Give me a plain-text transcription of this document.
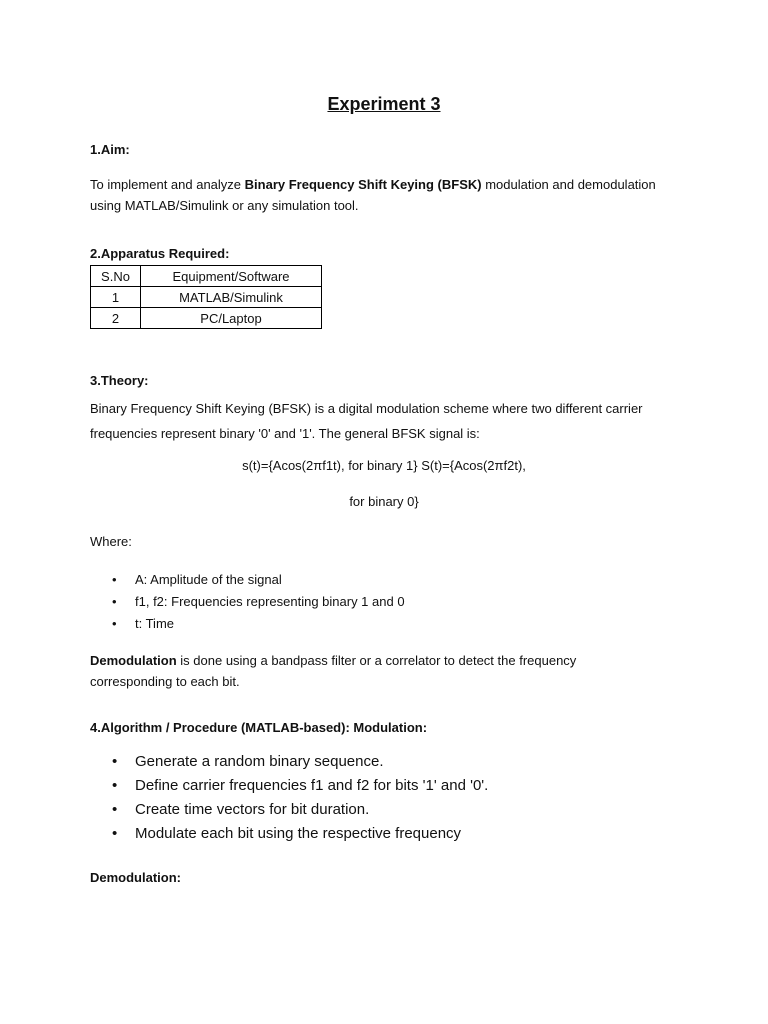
Experiment 3
1.Aim:
To implement and analyze Binary Frequency Shift Keying (BFSK) modulation and demodulation
using MATLAB/Simulink or any simulation tool.
2.Apparatus Required:
S.No	Equipment/Software
1	MATLAB/Simulink
2	PC/Laptop
3.Theory:
Binary Frequency Shift Keying (BFSK) is a digital modulation scheme where two different carrier
frequencies represent binary '0' and '1'. The general BFSK signal is:
s(t)={Acos(2πf1t), for binary 1} S(t)={Acos(2πf2t),
for binary 0}
Where:
• A: Amplitude of the signal
• f1, f2: Frequencies representing binary 1 and 0
• t: Time
Demodulation is done using a bandpass filter or a correlator to detect the frequency
corresponding to each bit.
4.Algorithm / Procedure (MATLAB-based): Modulation:
• Generate a random binary sequence.
• Define carrier frequencies f1 and f2 for bits '1' and '0'.
• Create time vectors for bit duration.
• Modulate each bit using the respective frequency
Demodulation:
